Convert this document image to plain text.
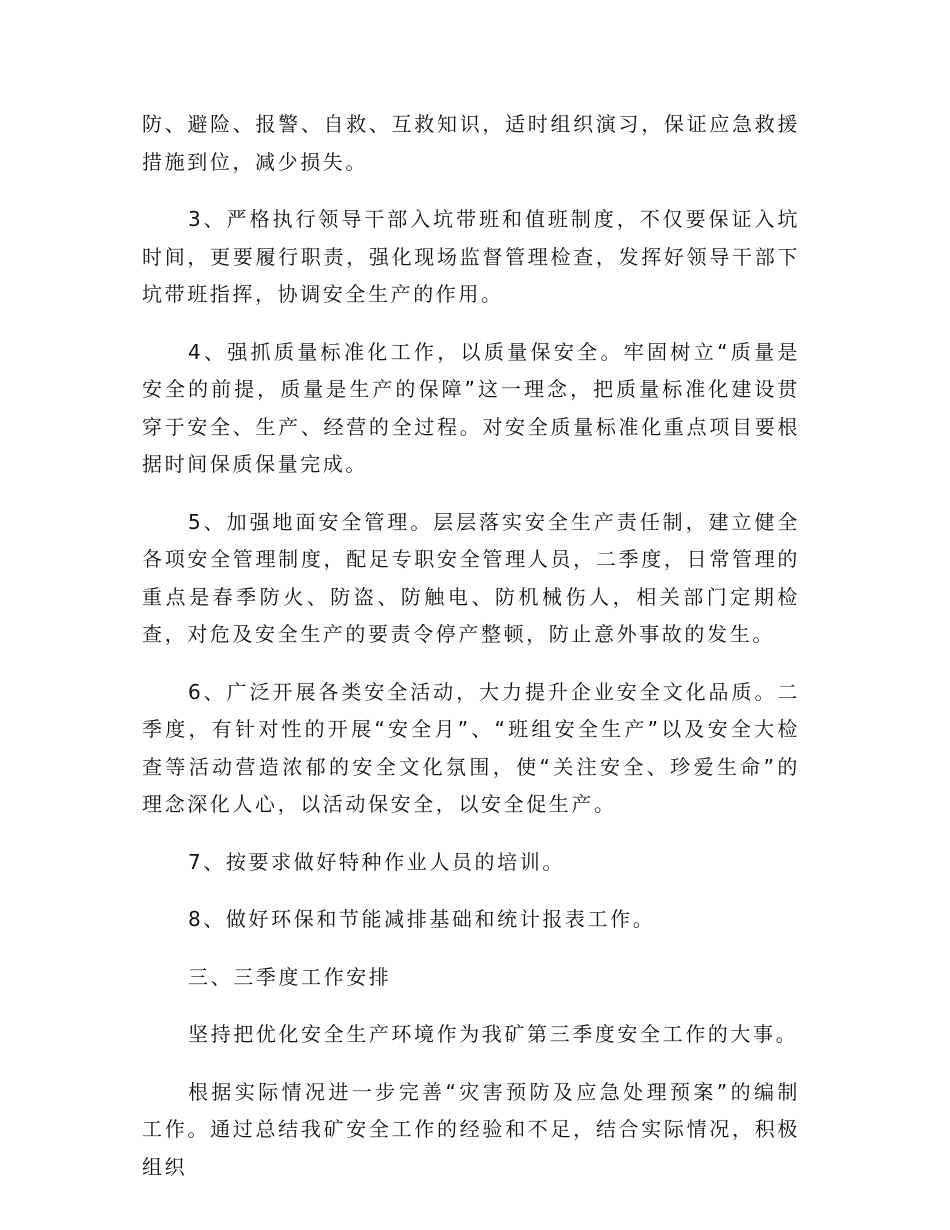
防、避险、报警、自救、互救知识，适时组织演习，保证应急救援措施到位，减少损失。

3、严格执行领导干部入坑带班和值班制度，不仅要保证入坑时间，更要履行职责，强化现场监督管理检查，发挥好领导干部下坑带班指挥，协调安全生产的作用。

4、强抓质量标准化工作，以质量保安全。牢固树立“质量是安全的前提，质量是生产的保障”这一理念，把质量标准化建设贯穿于安全、生产、经营的全过程。对安全质量标准化重点项目要根据时间保质保量完成。

5、加强地面安全管理。层层落实安全生产责任制，建立健全各项安全管理制度，配足专职安全管理人员，二季度，日常管理的重点是春季防火、防盗、防触电、防机械伤人，相关部门定期检查，对危及安全生产的要责令停产整顿，防止意外事故的发生。

6、广泛开展各类安全活动，大力提升企业安全文化品质。二季度，有针对性的开展“安全月”、“班组安全生产”以及安全大检查等活动营造浓郁的安全文化氛围，使“关注安全、珍爱生命”的理念深化人心，以活动保安全，以安全促生产。

7、按要求做好特种作业人员的培训。

8、做好环保和节能减排基础和统计报表工作。

三、三季度工作安排

坚持把优化安全生产环境作为我矿第三季度安全工作的大事。

根据实际情况进一步完善“灾害预防及应急处理预案”的编制工作。通过总结我矿安全工作的经验和不足，结合实际情况，积极组织
